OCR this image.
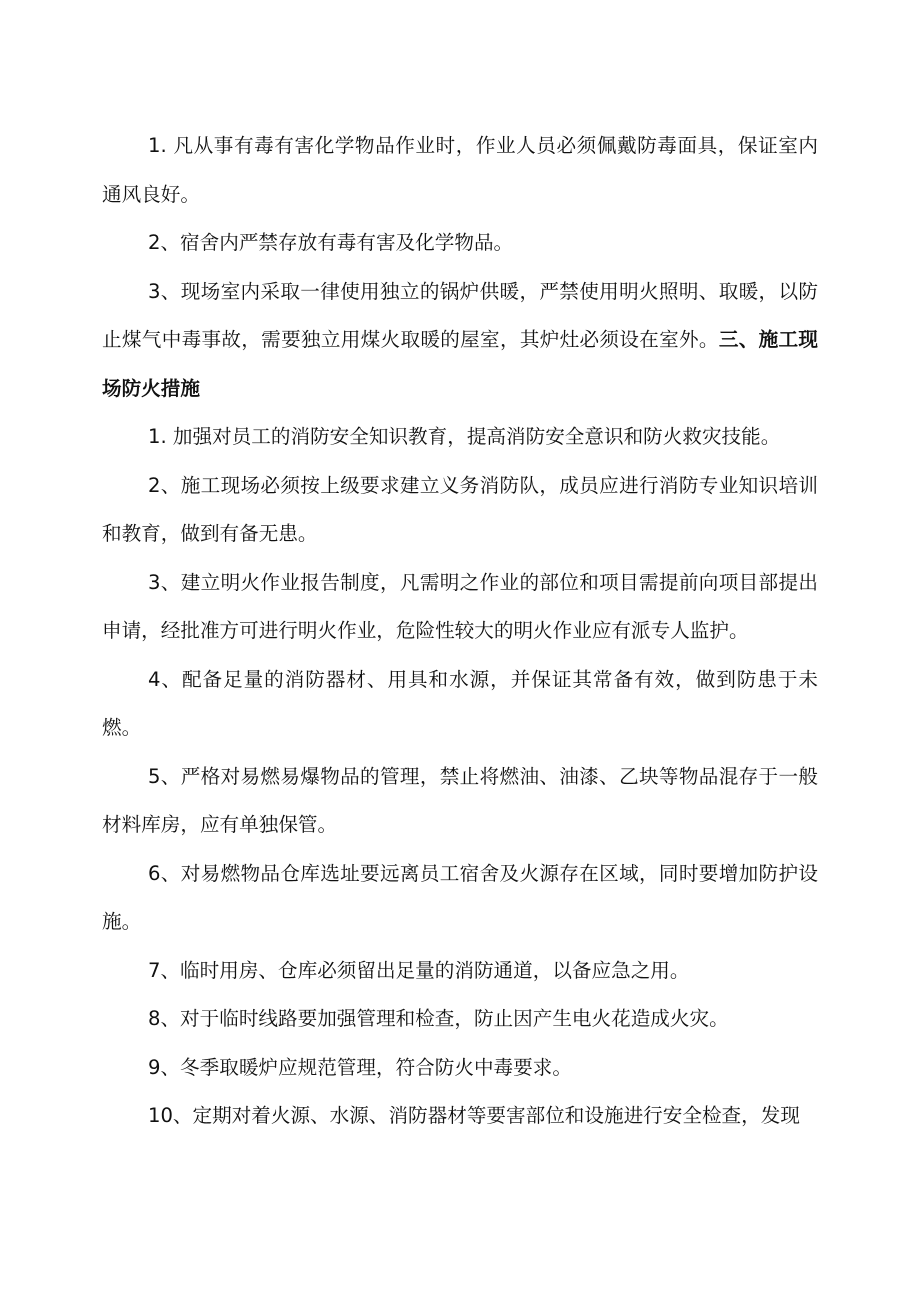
1. 凡从事有毒有害化学物品作业时，作业人员必须佩戴防毒面具，保证室内通风良好。

2、宿舍内严禁存放有毒有害及化学物品。

3、现场室内采取一律使用独立的锅炉供暖，严禁使用明火照明、取暖，以防止煤气中毒事故，需要独立用煤火取暖的屋室，其炉灶必须设在室外。三、施工现场防火措施

1. 加强对员工的消防安全知识教育，提高消防安全意识和防火救灾技能。

2、施工现场必须按上级要求建立义务消防队，成员应进行消防专业知识培训和教育，做到有备无患。

3、建立明火作业报告制度，凡需明之作业的部位和项目需提前向项目部提出申请，经批准方可进行明火作业，危险性较大的明火作业应有派专人监护。

4、配备足量的消防器材、用具和水源，并保证其常备有效，做到防患于未燃。

5、严格对易燃易爆物品的管理，禁止将燃油、油漆、乙块等物品混存于一般材料库房，应有单独保管。

6、对易燃物品仓库选址要远离员工宿舍及火源存在区域，同时要增加防护设施。

7、临时用房、仓库必须留出足量的消防通道，以备应急之用。

8、对于临时线路要加强管理和检查，防止因产生电火花造成火灾。

9、冬季取暖炉应规范管理，符合防火中毒要求。

10、定期对着火源、水源、消防器材等要害部位和设施进行安全检查，发现
